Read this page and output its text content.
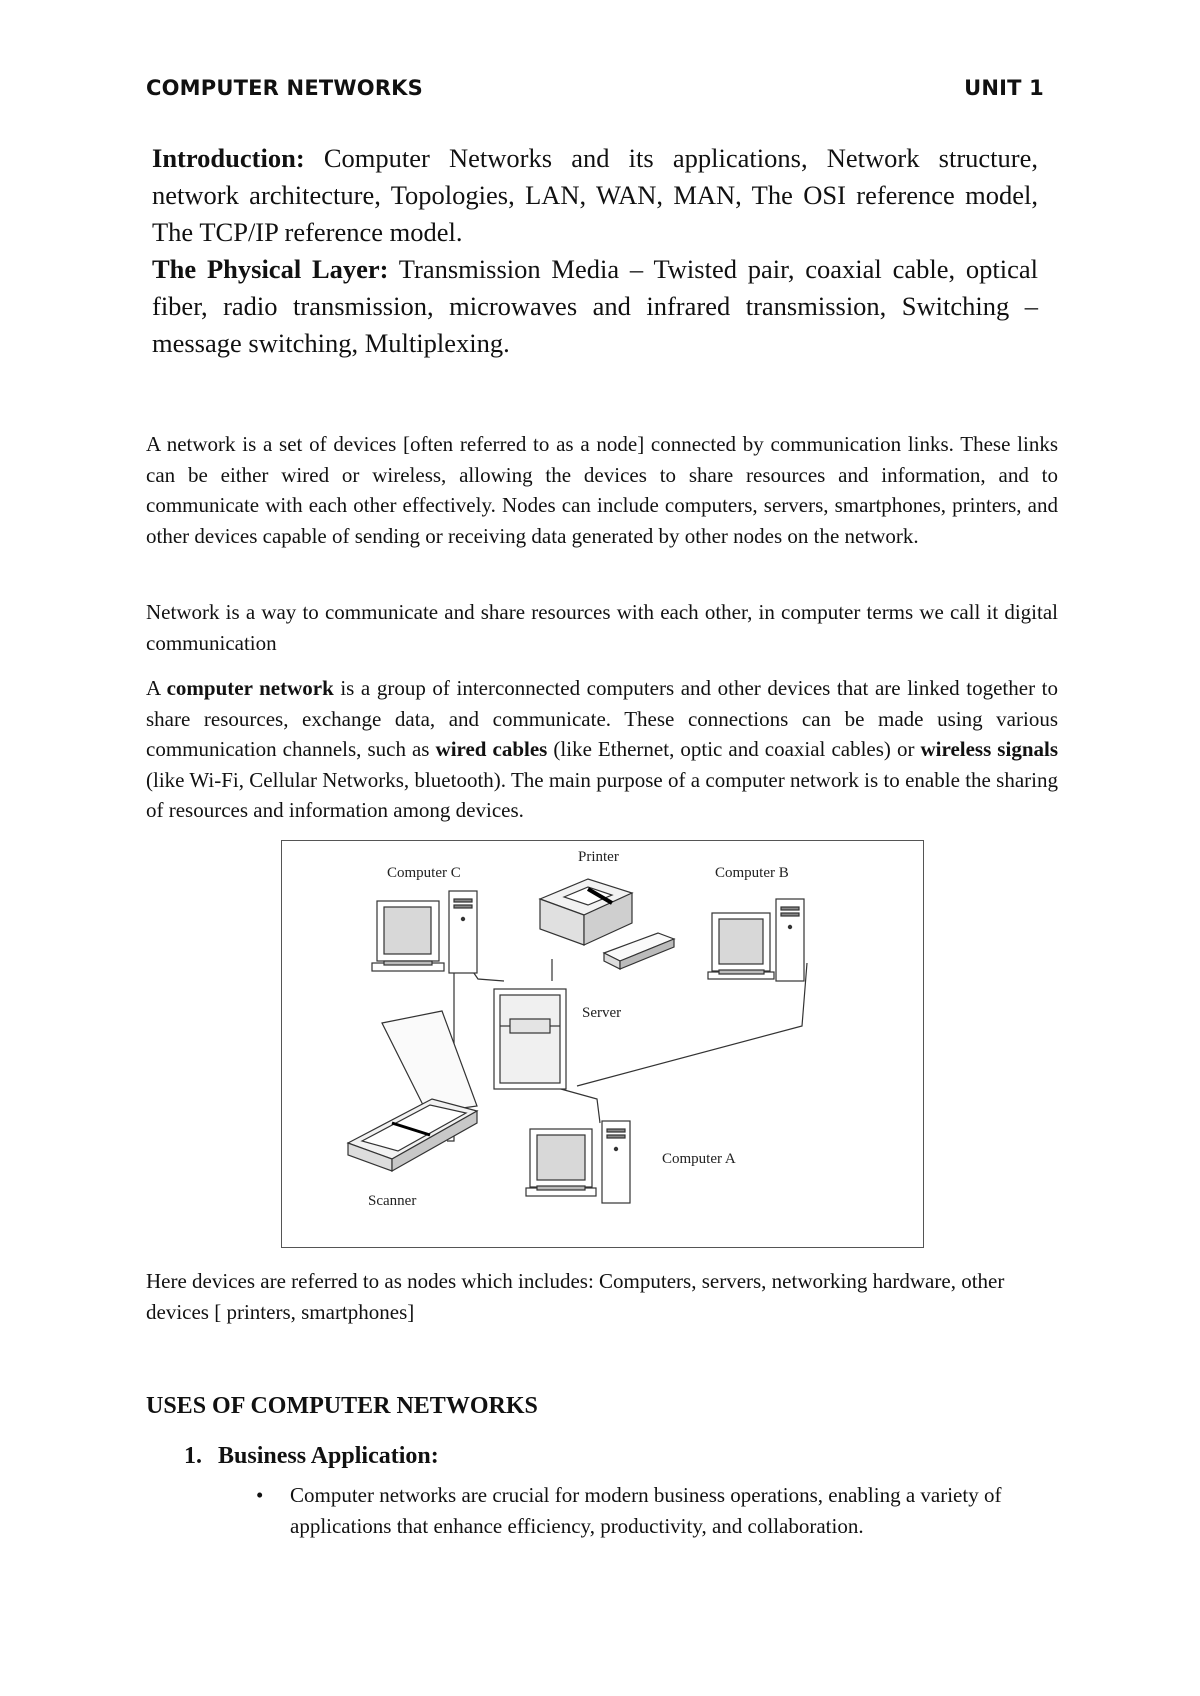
COMPUTER NETWORKS	UNIT 1

Introduction: Computer Networks and its applications, Network structure, network architecture, Topologies, LAN, WAN, MAN, The OSI reference model, The TCP/IP reference model.

The Physical Layer: Transmission Media – Twisted pair, coaxial cable, optical fiber, radio transmission, microwaves and infrared transmission, Switching – message switching, Multiplexing.

A network is a set of devices [often referred to as a node] connected by communication links. These links can be either wired or wireless, allowing the devices to share resources and information, and to communicate with each other effectively. Nodes can include computers, servers, smartphones, printers, and other devices capable of sending or receiving data generated by other nodes on the network.

Network is a way to communicate and share resources with each other, in computer terms we call it digital communication

A computer network is a group of interconnected computers and other devices that are linked together to share resources, exchange data, and communicate. These connections can be made using various communication channels, such as wired cables (like Ethernet, optic and coaxial cables) or wireless signals (like Wi-Fi, Cellular Networks, bluetooth). The main purpose of a computer network is to enable the sharing of resources and information among devices.

Computer C
Printer
Computer B
Server
Scanner
Computer A

Here devices are referred to as nodes which includes: Computers, servers, networking hardware, other devices [ printers, smartphones]

USES OF COMPUTER NETWORKS
1. Business Application:
• Computer networks are crucial for modern business operations, enabling a variety of applications that enhance efficiency, productivity, and collaboration.
